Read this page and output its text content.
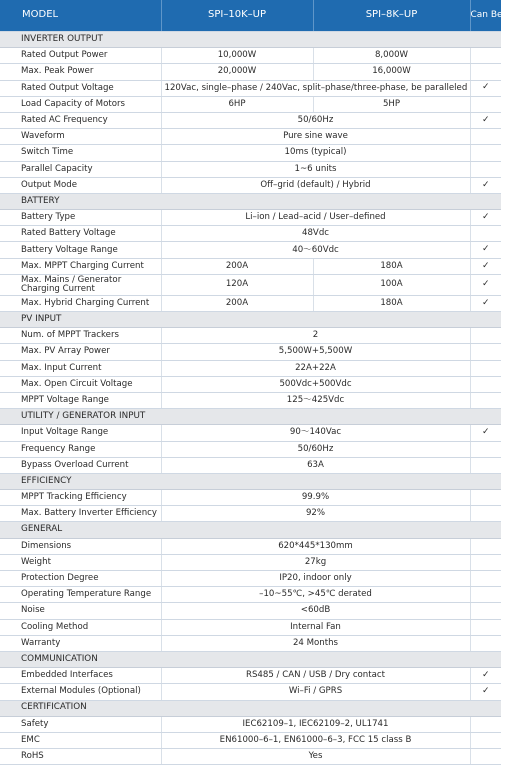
MODEL	SPI–10K–UP	SPI–8K–UP	Can Be Set
INVERTER OUTPUT			
Rated Output Power	10,000W	8,000W	
Max. Peak Power	20,000W	16,000W	
Rated Output Voltage	120Vac, single–phase / 240Vac, split–phase/three-phase, be paralleled		✓
Load Capacity of Motors	6HP	5HP	
Rated AC Frequency	50/60Hz		✓
Waveform	Pure sine wave		
Switch Time	10ms (typical)		
Parallel Capacity	1~6 units		
Output Mode	Off–grid (default) / Hybrid		✓
BATTERY			
Battery Type	Li–ion / Lead–acid / User–defined		✓
Rated Battery Voltage	48Vdc		
Battery Voltage Range	40～60Vdc		✓
Max. MPPT Charging Current	200A	180A	✓
Max. Mains / Generator Charging Current	120A	100A	✓
Max. Hybrid Charging Current	200A	180A	✓
PV INPUT			
Num. of MPPT Trackers	2		
Max. PV Array Power	5,500W+5,500W		
Max. Input Current	22A+22A		
Max. Open Circuit Voltage	500Vdc+500Vdc		
MPPT Voltage Range	125～425Vdc		
UTILITY / GENERATOR INPUT			
Input Voltage Range	90～140Vac		✓
Frequency Range	50/60Hz		
Bypass Overload Current	63A		
EFFICIENCY			
MPPT Tracking Efficiency	99.9%		
Max. Battery Inverter Efficiency	92%		
GENERAL			
Dimensions	620*445*130mm		
Weight	27kg		
Protection Degree	IP20, indoor only		
Operating Temperature Range	–10~55℃, >45℃ derated		
Noise	<60dB		
Cooling Method	Internal Fan		
Warranty	24 Months		
COMMUNICATION			
Embedded Interfaces	RS485 / CAN / USB / Dry contact		✓
External Modules (Optional)	Wi–Fi / GPRS		✓
CERTIFICATION			
Safety	IEC62109–1, IEC62109–2, UL1741		
EMC	EN61000–6–1, EN61000–6–3, FCC 15 class B		
RoHS	Yes		
